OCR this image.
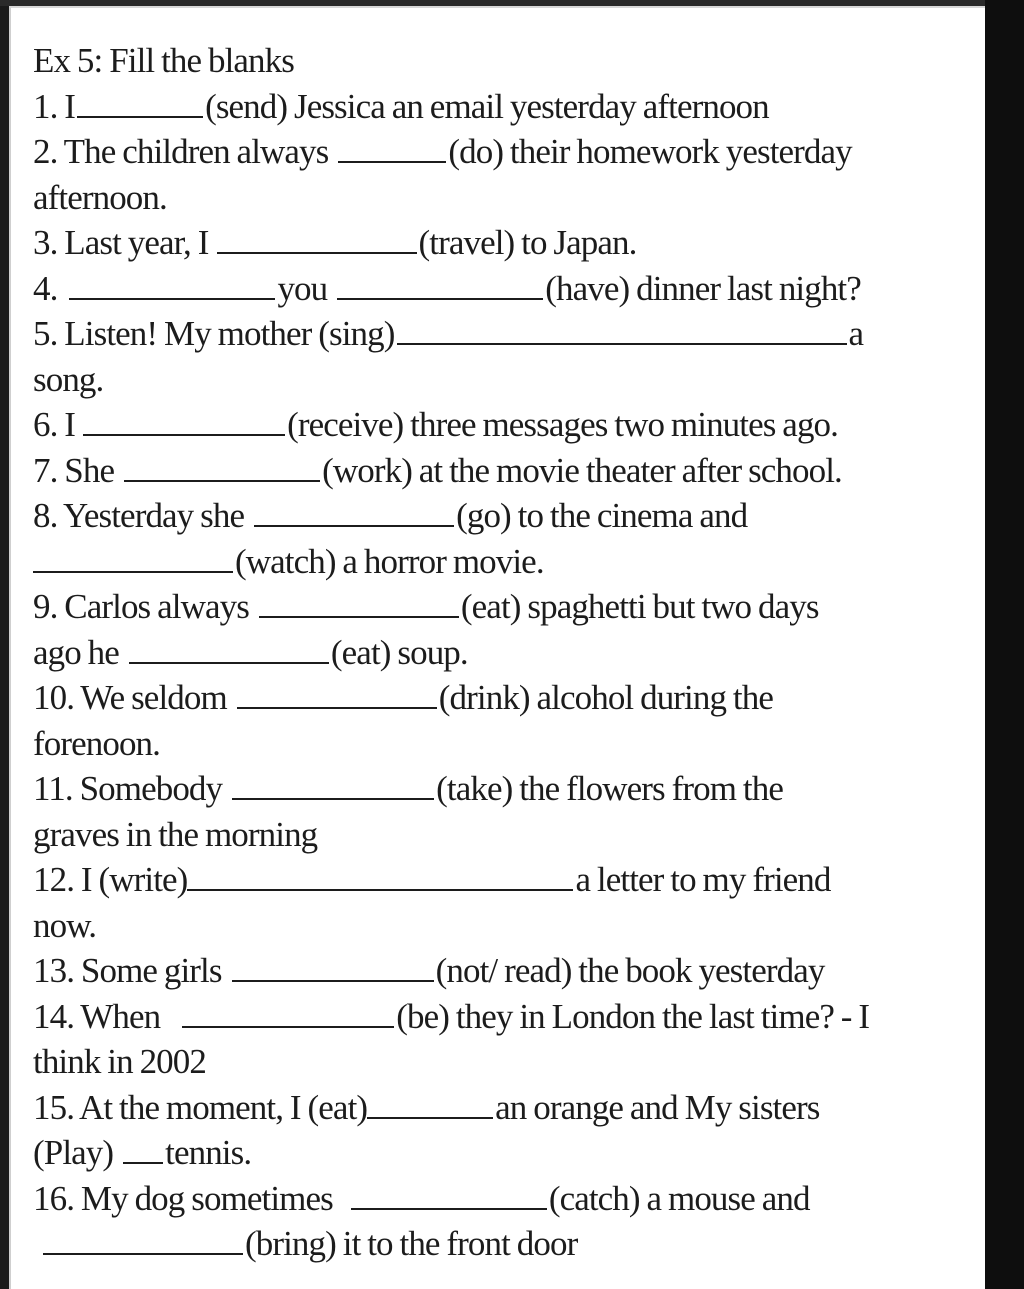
Ex 5: Fill the blanks
1. I	(send) Jessica an email yesterday afternoon
2. The children always	(do) their homework yesterday
afternoon.
3. Last year, I	(travel) to Japan.
4.	you	(have) dinner last night?
5. Listen! My mother (sing)	a
song.
6. I	(receive) three messages two minutes ago.
7. She	(work) at the movie theater after school.
8. Yesterday she	(go) to the cinema and
(watch) a horror movie.
9. Carlos always	(eat) spaghetti but two days
ago he	(eat) soup.
10. We seldom	(drink) alcohol during the
forenoon.
11. Somebody	(take) the flowers from the
graves in the morning
12. I (write)	a letter to my friend
now.
13. Some girls	(not/ read) the book yesterday
14. When	(be) they in London the last time? - I
think in 2002
15. At the moment, I (eat)	an orange and My sisters
(Play) tennis.
16. My dog sometimes	(catch) a mouse and
(bring) it to the front door
